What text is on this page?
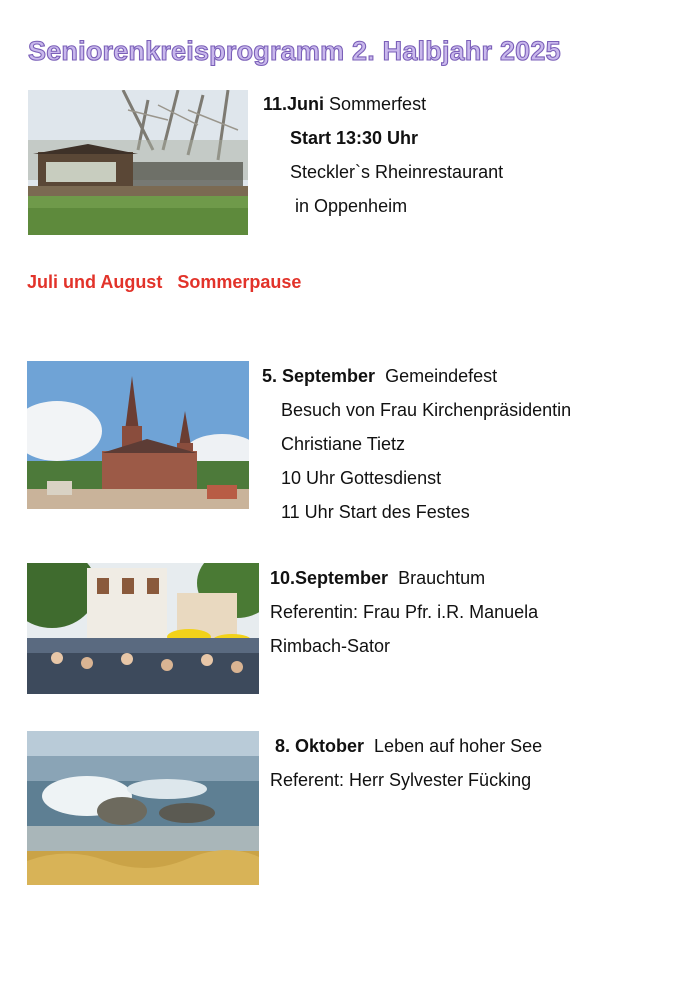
Seniorenkreisprogramm 2. Halbjahr 2025
11.Juni Sommerfest
Start 13:30 Uhr
Steckler`s Rheinrestaurant
in Oppenheim
Juli und August   Sommerpause
5. September Gemeindefest
Besuch von Frau Kirchenpräsidentin
Christiane Tietz
10 Uhr Gottesdienst
11 Uhr Start des Festes
10.September Brauchtum
Referentin: Frau Pfr. i.R. Manuela
Rimbach-Sator
8. Oktober Leben auf hoher See
Referent: Herr Sylvester Fücking
